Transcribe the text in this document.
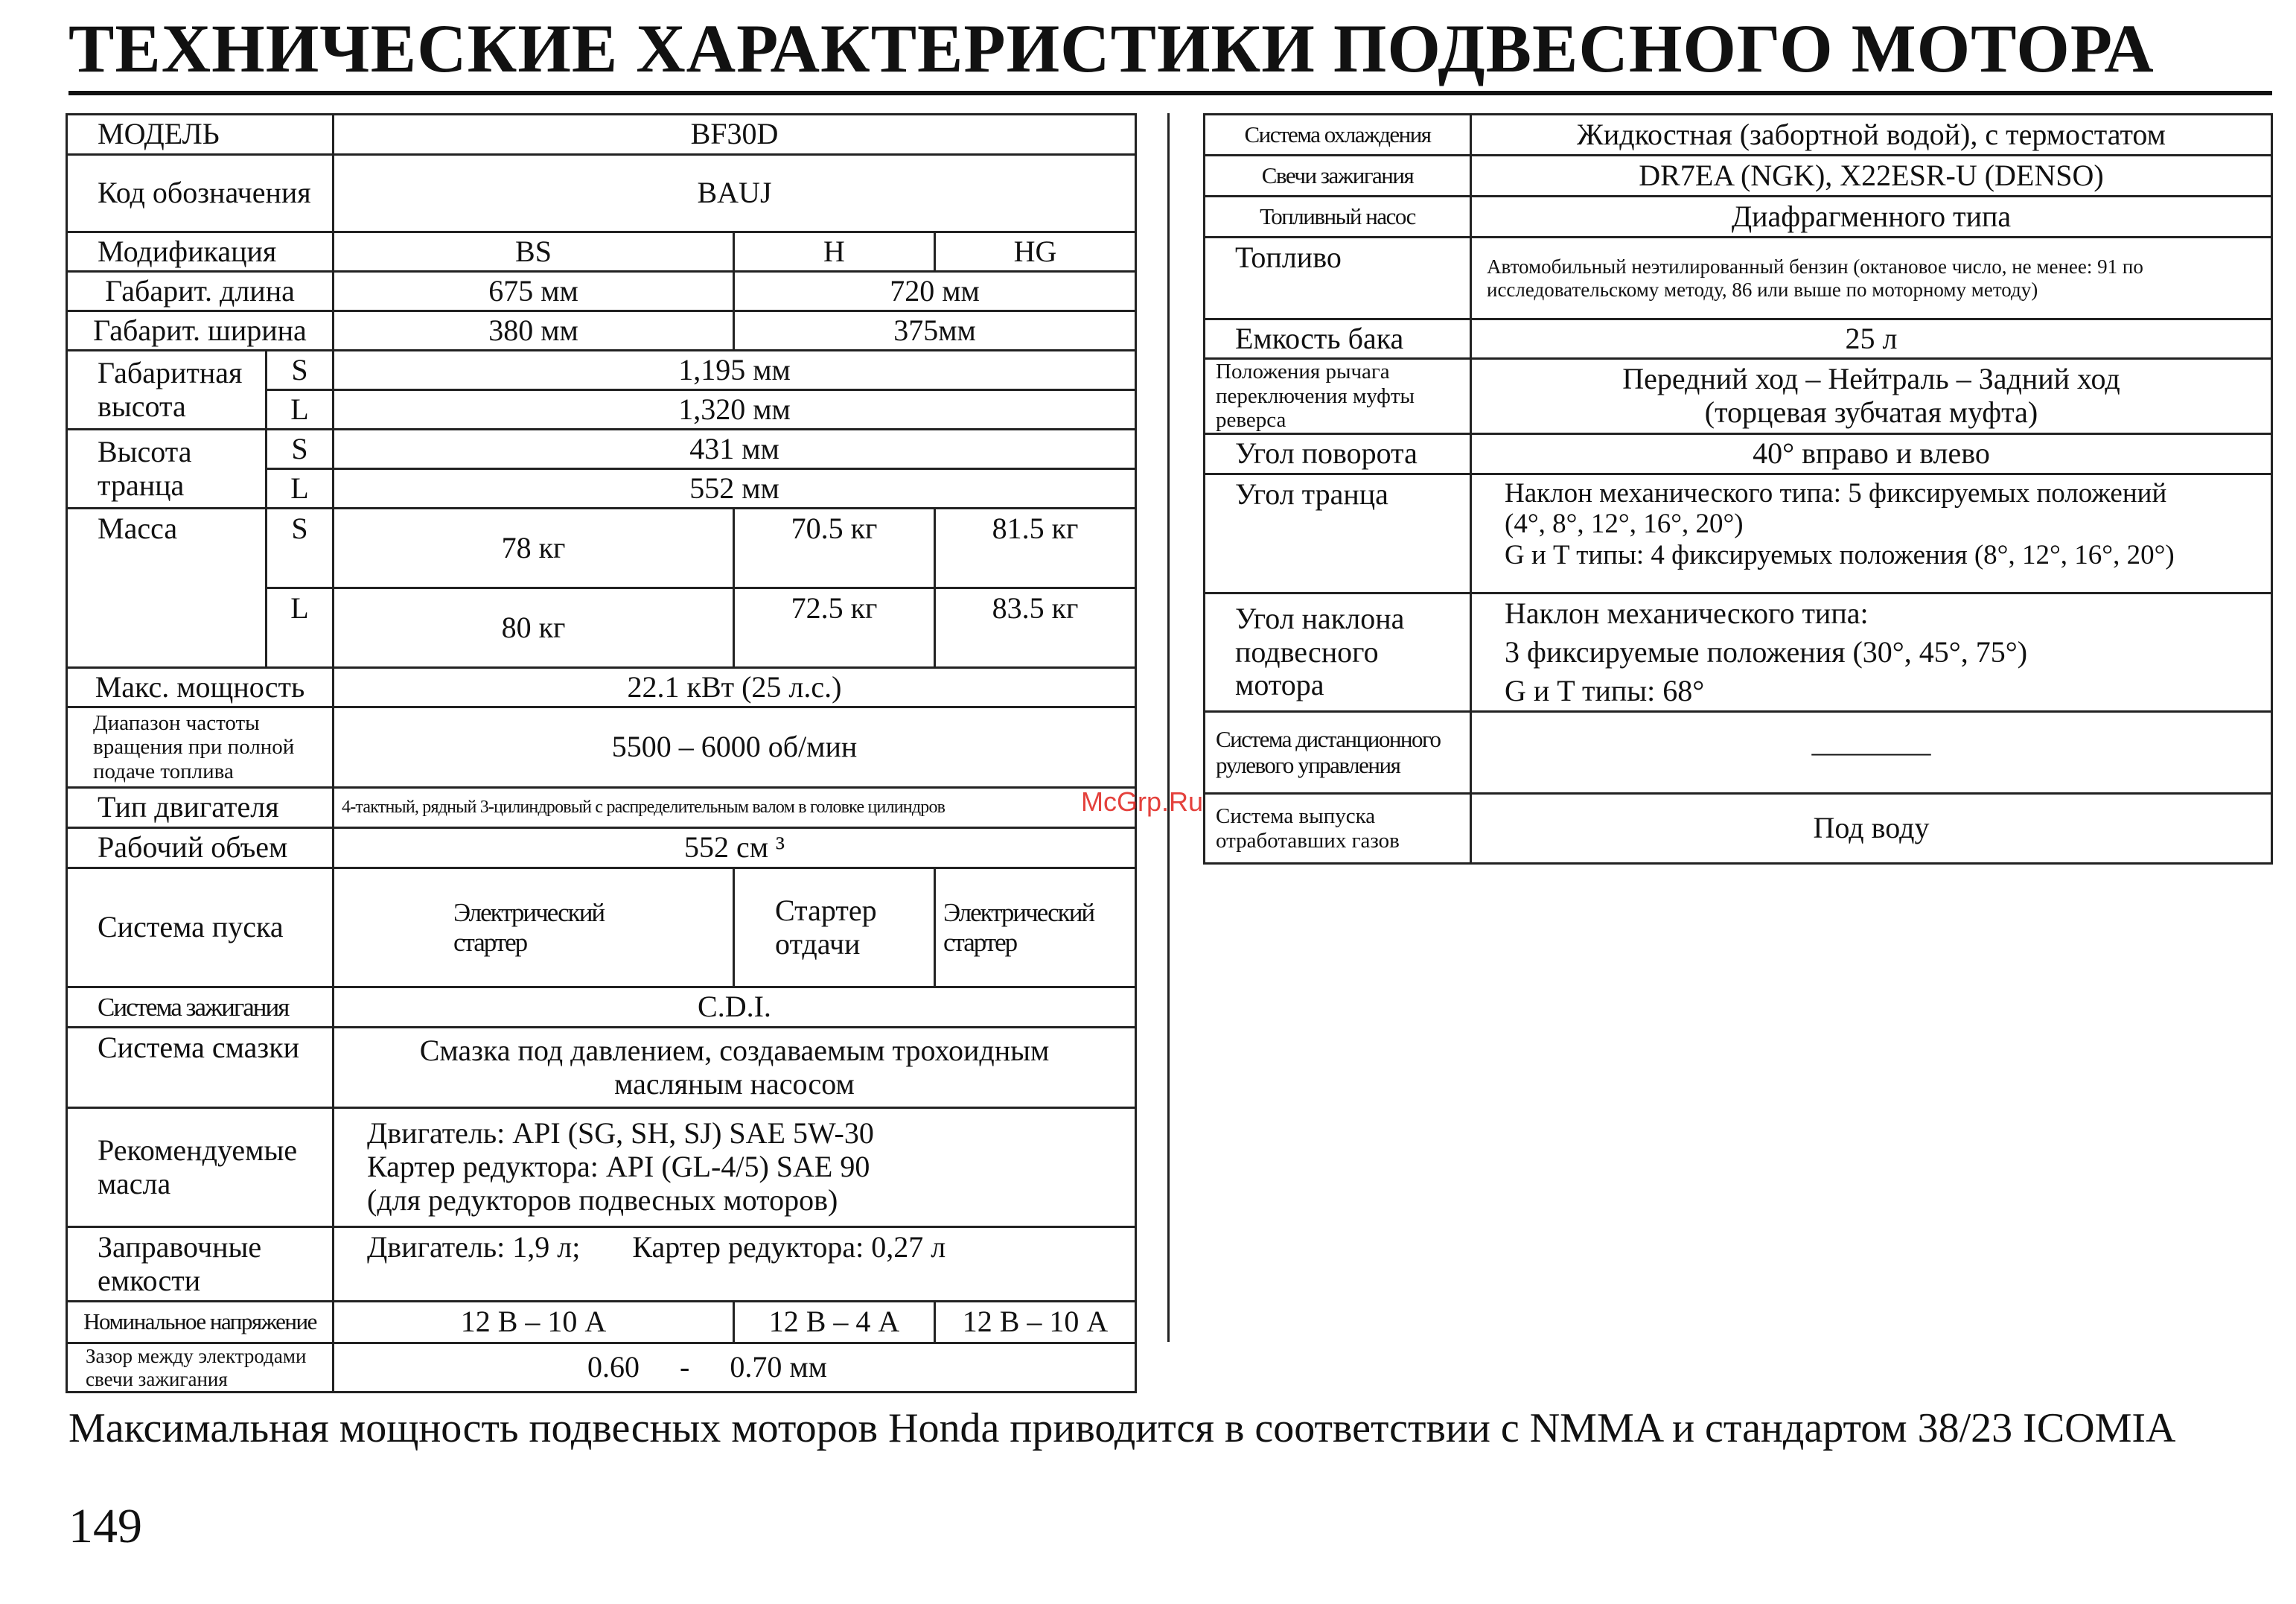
ТЕХНИЧЕСКИЕ ХАРАКТЕРИСТИКИ ПОДВЕСНОГО МОТОРА
МОДЕЛЬ		BF30D		
Код обозначения		BAUJ		
Модификация		BS	H	HG
Габарит. длина		675 мм	720 мм	
Габарит. ширина		380 мм	375мм	
Габаритная высота	S	1,195 мм		
	L	1,320 мм		
Высота транца	S	431 мм		
	L	552 мм		
Масса	S	78 кг	70.5 кг	81.5 кг
	L	80 кг	72.5 кг	83.5 кг
Макс. мощность		22.1 кВт (25 л.с.)		
Диапазон частоты вращения при полной подаче топлива		5500 – 6000 об/мин		
Тип двигателя		4-тактный, рядный 3-цилиндровый с распределительным валом в головке цилиндров		
Рабочий объем		552 см ³		
Система пуска		Электрический стартер	Стартер отдачи	Электрический стартер
Система зажигания		C.D.I.		
Система смазки		Смазка под давлением, создаваемым трохоидным масляным насосом		
Рекомендуемые масла		Двигатель: API (SG, SH, SJ) SAE 5W-30
Картер редуктора: API (GL-4/5) SAE 90
(для редукторов подвесных моторов)		

Заправочные емкости		Двигатель: 1,9 л; Картер редуктора: 0,27 л		
Номинальное напряжение		12 В – 10 А	12 В – 4 А	12 В – 10 А
Зазор между электродами свечи зажигания		0.60 - 0.70 мм		
Система охлаждения	Жидкостная (забортной водой), с термостатом
Свечи зажигания	DR7EA (NGK), X22ESR-U (DENSO)
Топливный насос	Диафрагменного типа
Топливо	Автомобильный неэтилированный бензин (октановое число, не менее: 91 по исследовательскому методу, 86 или выше по моторному методу)
Емкость бака	25 л
Положения рычага переключения муфты реверса	Передний ход – Нейтраль – Задний ход
(торцевая зубчатая муфта)

Угол поворота	40° вправо и влево
Угол транца	Наклон механического типа: 5 фиксируемых положений
(4°, 8°, 12°, 16°, 20°)
G и T типы: 4 фиксируемых положения (8°, 12°, 16°, 20°)

Угол наклона подвесного мотора	Наклон механического типа:
3 фиксируемые положения (30°, 45°, 75°)
G и T типы: 68°

Система дистанционного рулевого управления	————
Система выпуска отработавших газов	Под воду
McGrp.Ru

Максимальная мощность подвесных моторов Honda приводится в соответствии с NMMA и стандартом 38/23 ICOMIA

149
